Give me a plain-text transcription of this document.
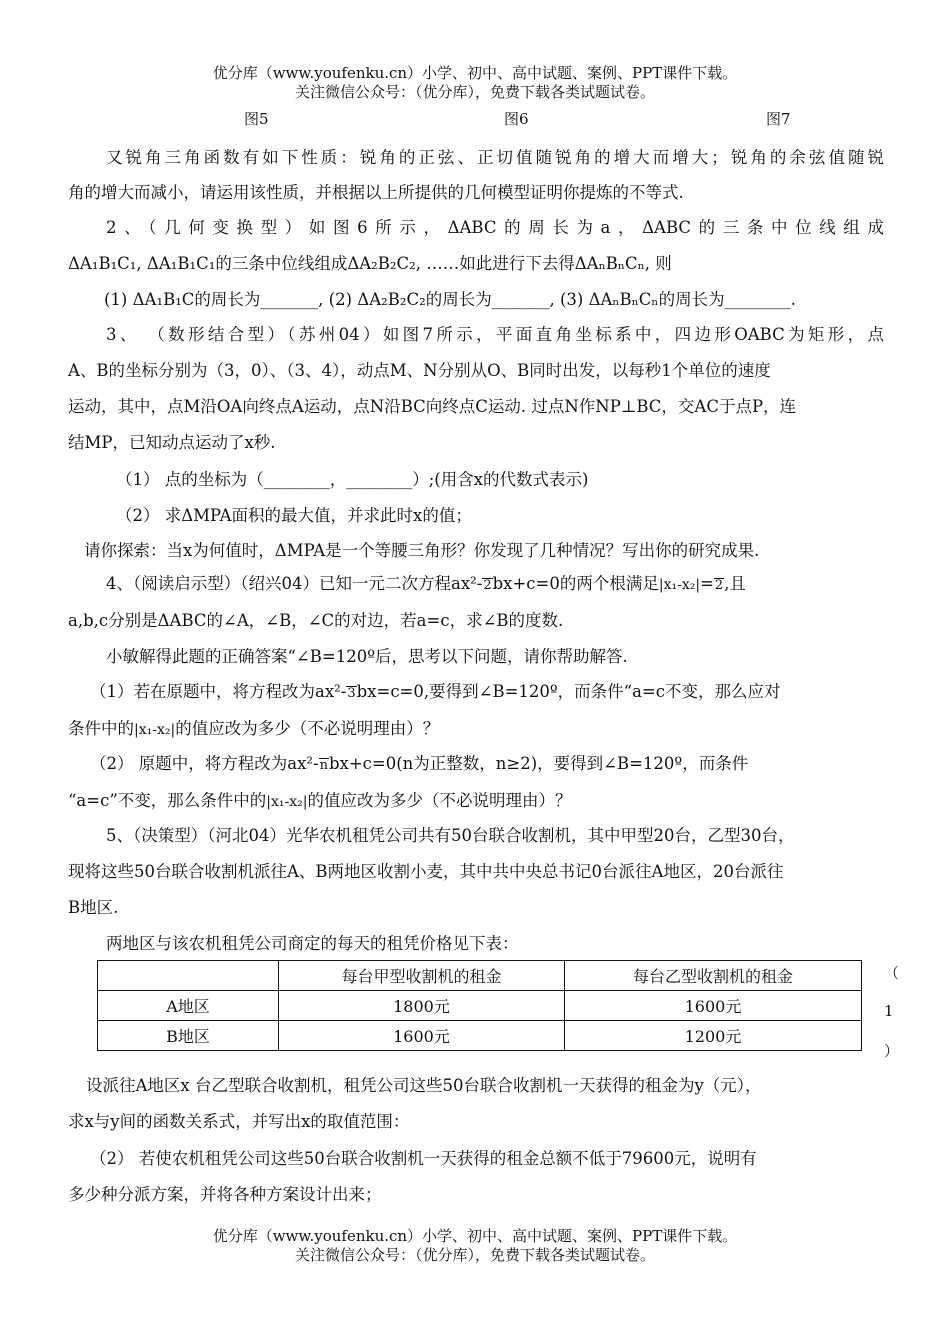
优分库（www.youfenku.cn）小学、初中、高中试题、案例、PPT课件下载。
关注微信公众号：（优分库），免费下载各类试题试卷。
图5	图6	图7
又锐角三角函数有如下性质：锐角的正弦、正切值随锐角的增大而增大；锐角的余弦值随锐
角的增大而减小，请运用该性质，并根据以上所提供的几何模型证明你提炼的不等式.
2、（几何变换型）如图6所示，ΔABC的周长为a，ΔABC的三条中位线组成
ΔA₁B₁C₁, ΔA₁B₁C₁的三条中位线组成ΔA₂B₂C₂, ……如此进行下去得ΔAₙBₙCₙ, 则
(1) ΔA₁B₁C的周长为_______, (2) ΔA₂B₂C₂的周长为_______, (3) ΔAₙBₙCₙ的周长为________.
3、 （数形结合型）（苏州04）如图7所示，平面直角坐标系中，四边形OABC为矩形，点
A、B的坐标分别为（3，0）、（3、4），动点M、N分别从O、B同时出发，以每秒1个单位的速度
运动，其中，点M沿OA向终点A运动，点N沿BC向终点C运动. 过点N作NP⊥BC，交AC于点P，连
结MP，已知动点运动了x秒.
（1） 点的坐标为（________，________）;(用含x的代数式表示)
（2） 求ΔMPA面积的最大值，并求此时x的值；
请你探索：当x为何值时，ΔMPA是一个等腰三角形？你发现了几种情况？写出你的研究成果.
4、（阅读启示型）（绍兴04）已知一元二次方程ax²-2bx+c=0的两个根满足|x₁-x₂|=2,且
a,b,c分别是ΔABC的∠A，∠B，∠C的对边，若a=c，求∠B的度数.
小敏解得此题的正确答案“∠B=120º后，思考以下问题，请你帮助解答.
（1）若在原题中，将方程改为ax²-3bx=c=0,要得到∠B=120º，而条件“a=c不变，那么应对
条件中的|x₁-x₂|的值应改为多少（不必说明理由）？
（2） 原题中，将方程改为ax²-nbx+c=0(n为正整数，n≥2)，要得到∠B=120º，而条件
“a=c”不变，那么条件中的|x₁-x₂|的值应改为多少（不必说明理由）？
5、（决策型）（河北04）光华农机租凭公司共有50台联合收割机，其中甲型20台，乙型30台，
现将这些50台联合收割机派往A、B两地区收割小麦，其中共中央总书记0台派往A地区，20台派往
B地区.
两地区与该农机租凭公司商定的每天的租凭价格见下表：
	每台甲型收割机的租金	每台乙型收割机的租金
A地区	1800元	1600元
B地区	1600元	1200元
（
1
）
设派往A地区x 台乙型联合收割机，租凭公司这些50台联合收割机一天获得的租金为y（元），
求x与y间的函数关系式，并写出x的取值范围：
（2） 若使农机租凭公司这些50台联合收割机一天获得的租金总额不低于79600元，说明有
多少种分派方案，并将各种方案设计出来；
优分库（www.youfenku.cn）小学、初中、高中试题、案例、PPT课件下载。
关注微信公众号：（优分库），免费下载各类试题试卷。
